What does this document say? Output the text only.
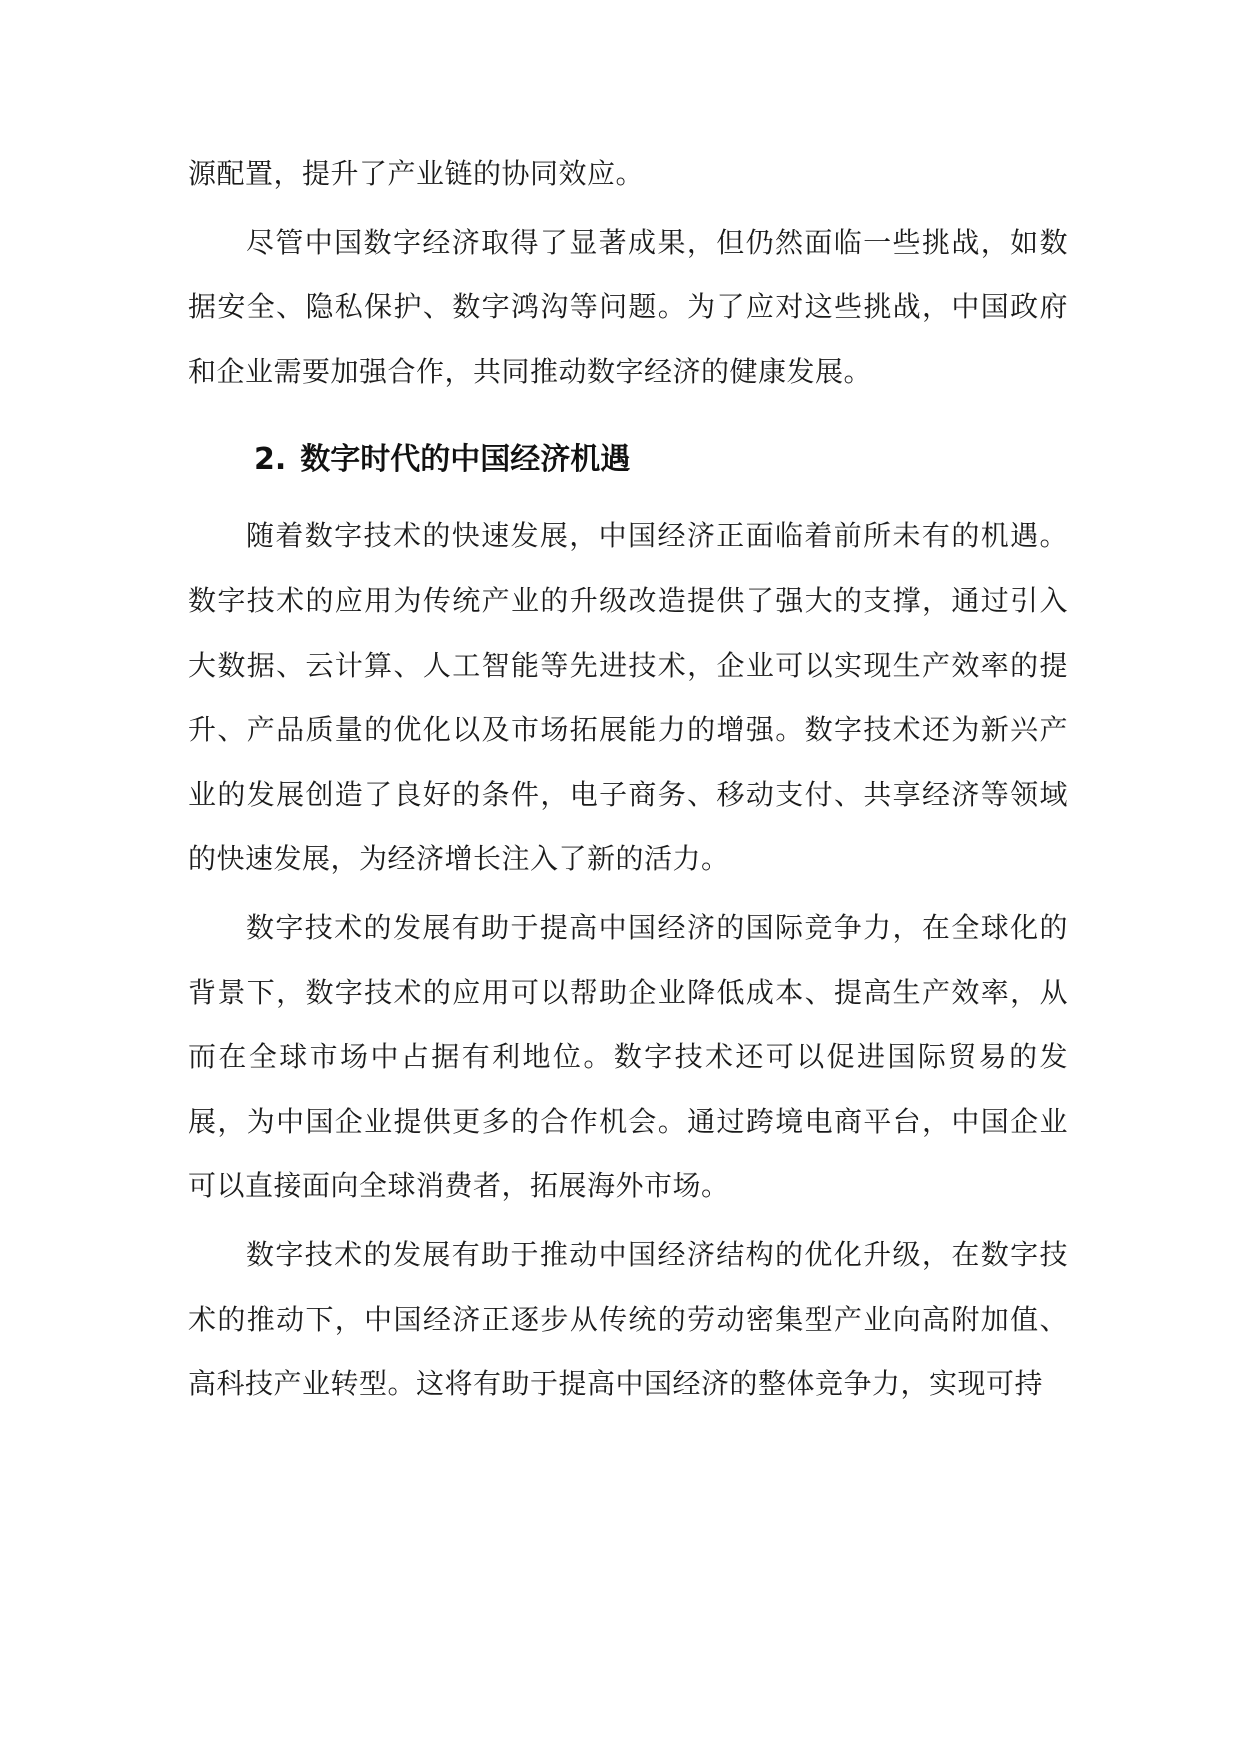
源配置，提升了产业链的协同效应。

尽管中国数字经济取得了显著成果，但仍然面临一些挑战，如数据安全、隐私保护、数字鸿沟等问题。为了应对这些挑战，中国政府和企业需要加强合作，共同推动数字经济的健康发展。

2. 数字时代的中国经济机遇

随着数字技术的快速发展，中国经济正面临着前所未有的机遇。数字技术的应用为传统产业的升级改造提供了强大的支撑，通过引入大数据、云计算、人工智能等先进技术，企业可以实现生产效率的提升、产品质量的优化以及市场拓展能力的增强。数字技术还为新兴产业的发展创造了良好的条件，电子商务、移动支付、共享经济等领域的快速发展，为经济增长注入了新的活力。

数字技术的发展有助于提高中国经济的国际竞争力，在全球化的背景下，数字技术的应用可以帮助企业降低成本、提高生产效率，从而在全球市场中占据有利地位。数字技术还可以促进国际贸易的发展，为中国企业提供更多的合作机会。通过跨境电商平台，中国企业可以直接面向全球消费者，拓展海外市场。

数字技术的发展有助于推动中国经济结构的优化升级，在数字技术的推动下，中国经济正逐步从传统的劳动密集型产业向高附加值、高科技产业转型。这将有助于提高中国经济的整体竞争力，实现可持
